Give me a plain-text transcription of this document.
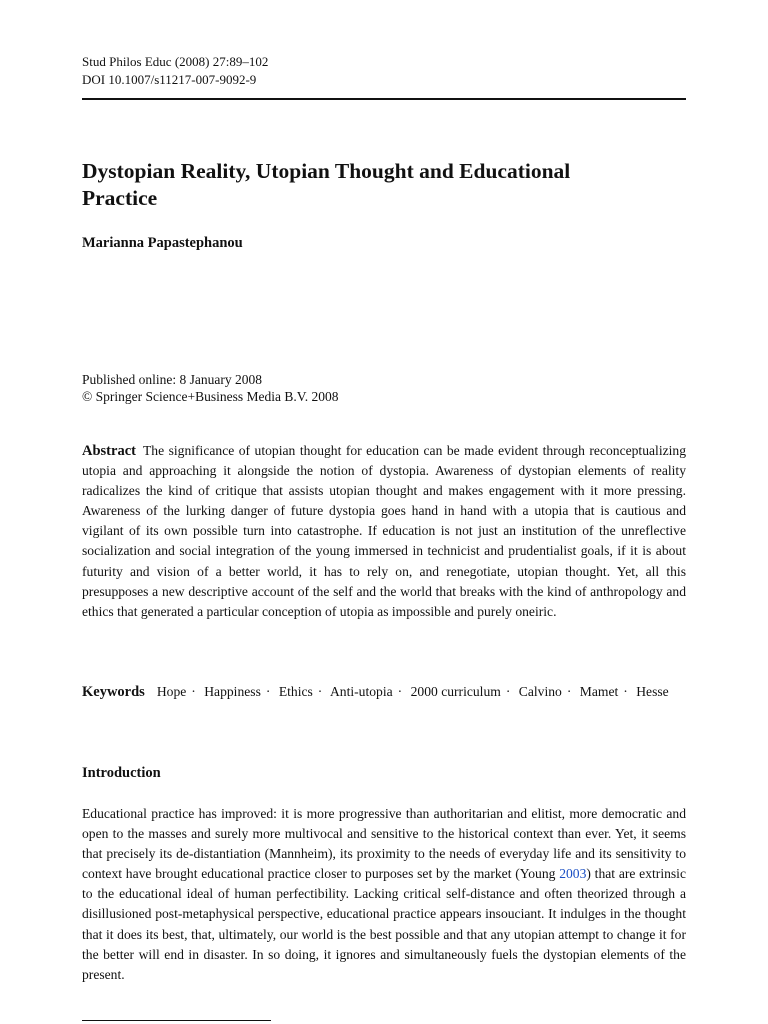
Stud Philos Educ (2008) 27:89–102
DOI 10.1007/s11217-007-9092-9
Dystopian Reality, Utopian Thought and Educational Practice
Marianna Papastephanou
Published online: 8 January 2008
© Springer Science+Business Media B.V. 2008

Abstract The significance of utopian thought for education can be made evident through reconceptualizing utopia and approaching it alongside the notion of dystopia. Awareness of dystopian elements of reality radicalizes the kind of critique that assists utopian thought and makes engagement with it more pressing. Awareness of the lurking danger of future dystopia goes hand in hand with a utopia that is cautious and vigilant of its own possible turn into catastrophe. If education is not just an institution of the unreflective socialization and social integration of the young immersed in technicist and prudentialist goals, if it is about futurity and vision of a better world, it has to rely on, and renegotiate, utopian thought. Yet, all this presupposes a new descriptive account of the self and the world that breaks with the kind of anthropology and ethics that generated a particular conception of utopia as impossible and purely oneiric.

Keywords Hope · Happiness · Ethics · Anti-utopia · 2000 curriculum · Calvino · Mamet · Hesse

Introduction

Educational practice has improved: it is more progressive than authoritarian and elitist, more democratic and open to the masses and surely more multivocal and sensitive to the historical context than ever. Yet, it seems that precisely its de-distantiation (Mannheim), its proximity to the needs of everyday life and its sensitivity to context have brought educational practice closer to purposes set by the market (Young 2003) that are extrinsic to the educational ideal of human perfectibility. Lacking critical self-distance and often theorized through a disillusioned post-metaphysical perspective, educational practice appears insouciant. It indulges in the thought that it does its best, that, ultimately, our world is the best possible and that any utopian attempt to change it for the better will end in disaster. In so doing, it ignores and simultaneously fuels the dystopian elements of the present.
